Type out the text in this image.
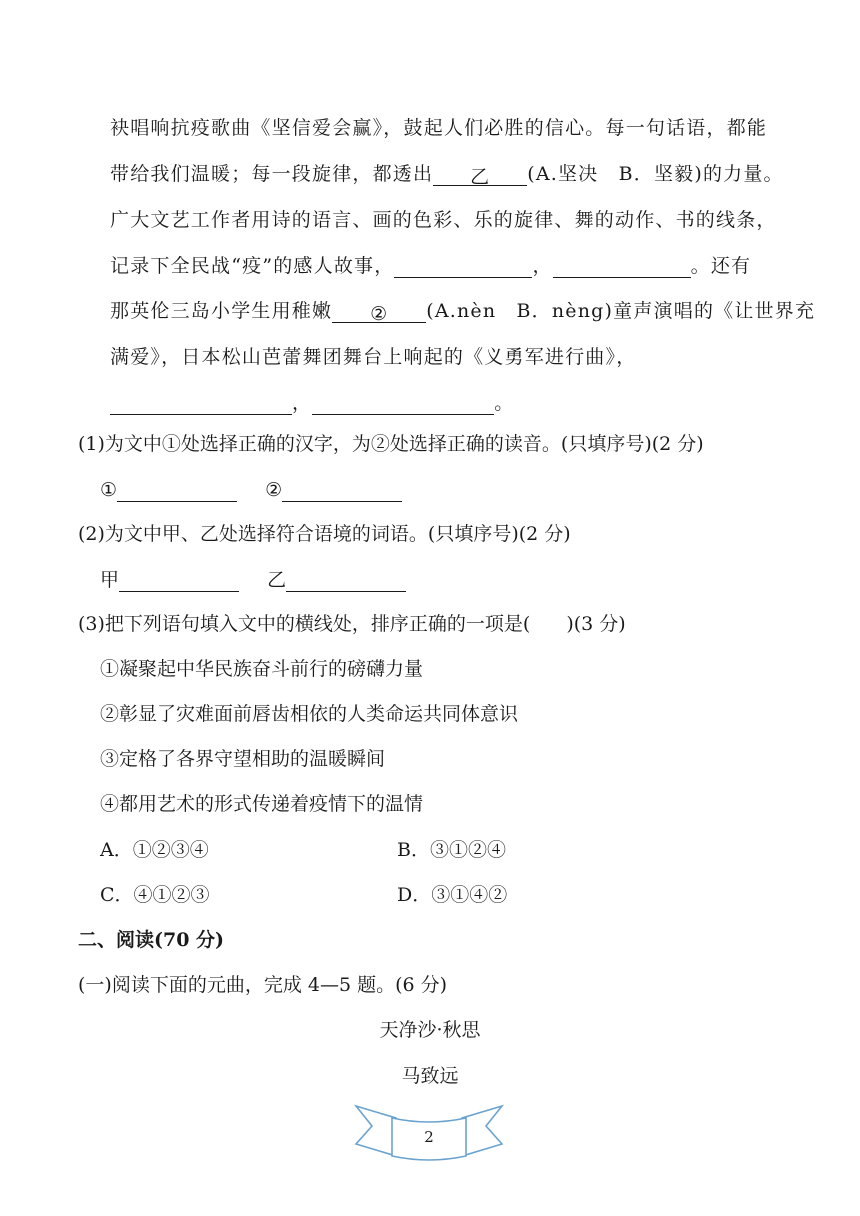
袂唱响抗疫歌曲《坚信爱会赢》，鼓起人们必胜的信心。每一句话语，都能
带给我们温暖；每一段旋律，都透出 乙 (A.坚决　B．坚毅)的力量。
广大文艺工作者用诗的语言、画的色彩、乐的旋律、舞的动作、书的线条，
记录下全民战“疫”的感人故事，	，	。还有
那英伦三岛小学生用稚嫩 ② (A.nèn　B．nèng)童声演唱的《让世界充
满爱》，日本松山芭蕾舞团舞台上响起的《义勇军进行曲》，
，	。
(1)为文中①处选择正确的汉字，为②处选择正确的读音。(只填序号)(2 分)
①	②
(2)为文中甲、乙处选择符合语境的词语。(只填序号)(2 分)
甲	乙
(3)把下列语句填入文中的横线处，排序正确的一项是( )(3 分)
①凝聚起中华民族奋斗前行的磅礴力量
②彰显了灾难面前唇齿相依的人类命运共同体意识
③定格了各界守望相助的温暖瞬间
④都用艺术的形式传递着疫情下的温情
A．①②③④	B．③①②④
C．④①②③	D．③①④②
二、阅读(70 分)
(一)阅读下面的元曲，完成 4—5 题。(6 分)
天净沙·秋思
马致远
2
